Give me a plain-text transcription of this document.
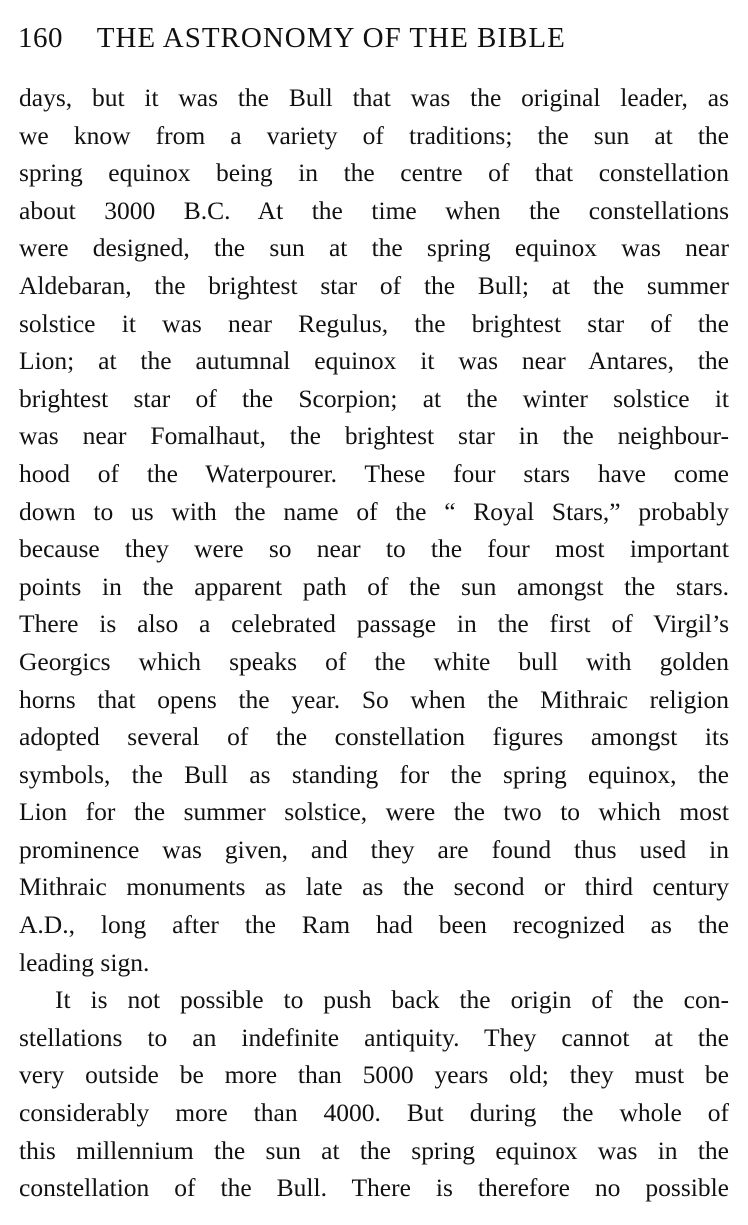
160 THE ASTRONOMY OF THE BIBLE
days, but it was the Bull that was the original leader, as
we know from a variety of traditions; the sun at the
spring equinox being in the centre of that constellation
about 3000 B.C. At the time when the constellations
were designed, the sun at the spring equinox was near
Aldebaran, the brightest star of the Bull; at the summer
solstice it was near Regulus, the brightest star of the
Lion; at the autumnal equinox it was near Antares, the
brightest star of the Scorpion; at the winter solstice it
was near Fomalhaut, the brightest star in the neighbour-
hood of the Waterpourer. These four stars have come
down to us with the name of the “ Royal Stars,” probably
because they were so near to the four most important
points in the apparent path of the sun amongst the stars.
There is also a celebrated passage in the first of Virgil’s
Georgics which speaks of the white bull with golden
horns that opens the year. So when the Mithraic religion
adopted several of the constellation figures amongst its
symbols, the Bull as standing for the spring equinox, the
Lion for the summer solstice, were the two to which most
prominence was given, and they are found thus used in
Mithraic monuments as late as the second or third century
A.D., long after the Ram had been recognized as the
leading sign.
It is not possible to push back the origin of the con-
stellations to an indefinite antiquity. They cannot at the
very outside be more than 5000 years old; they must be
considerably more than 4000. But during the whole of
this millennium the sun at the spring equinox was in the
constellation of the Bull. There is therefore no possible
